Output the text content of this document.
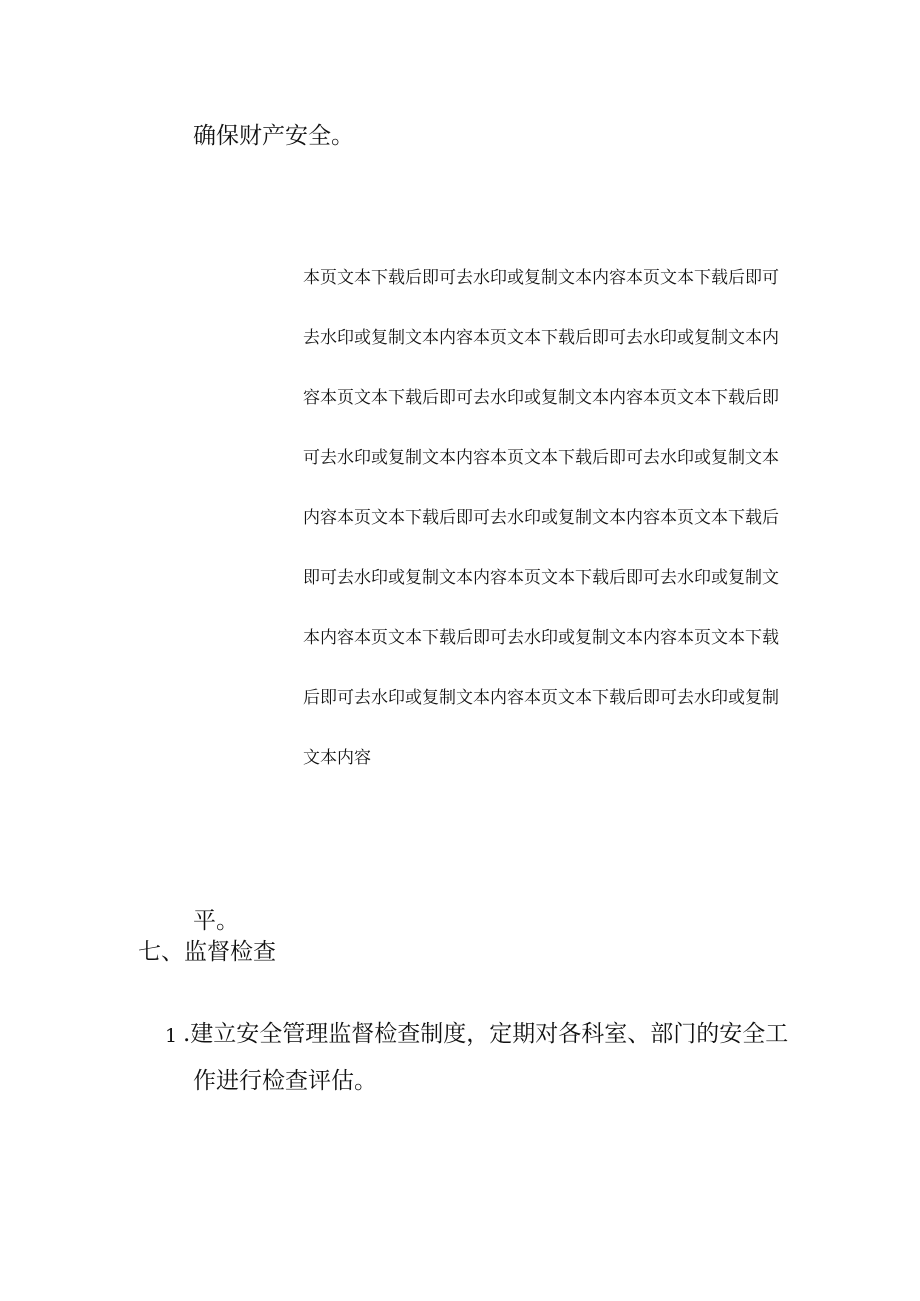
确保财产安全。
本页文本下载后即可去水印或复制文本内容本页文本下载后即可
去水印或复制文本内容本页文本下载后即可去水印或复制文本内
容本页文本下载后即可去水印或复制文本内容本页文本下载后即
可去水印或复制文本内容本页文本下载后即可去水印或复制文本
内容本页文本下载后即可去水印或复制文本内容本页文本下载后
即可去水印或复制文本内容本页文本下载后即可去水印或复制文
本内容本页文本下载后即可去水印或复制文本内容本页文本下载
后即可去水印或复制文本内容本页文本下载后即可去水印或复制
文本内容
平。
七、监督检查
1 .建立安全管理监督检查制度，定期对各科室、部门的安全工
作进行检查评估。
